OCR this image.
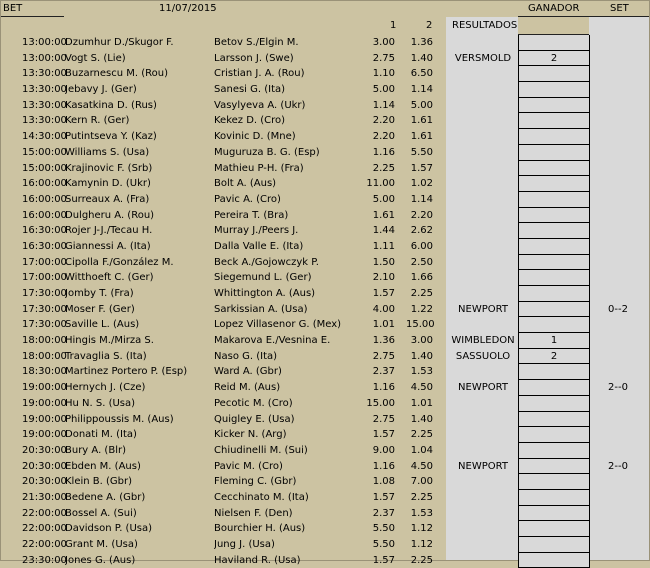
BET	11/07/2015	GANADOR	SET
1	2 RESULTADOS
13:00:00
Dzumhur D./Skugor F.	Betov S./Elgin M.	3.00	1.36
13:00:00
Vogt S. (Lie)	Larsson J. (Swe)	2.75	1.40	VERSMOLD	2
13:30:00
Buzarnescu M. (Rou)	Cristian J. A. (Rou)	1.10	6.50
13:30:00
Jebavy J. (Ger)	Sanesi G. (Ita)	5.00	1.14
13:30:00
Kasatkina D. (Rus)	Vasylyeva A. (Ukr)	1.14	5.00
13:30:00
Kern R. (Ger)	Kekez D. (Cro)	2.20	1.61
14:30:00
Putintseva Y. (Kaz)	Kovinic D. (Mne)	2.20	1.61
15:00:00
Williams S. (Usa)	Muguruza B. G. (Esp)	1.16	5.50
15:00:00
Krajinovic F. (Srb)	Mathieu P-H. (Fra)	2.25	1.57
16:00:00
Kamynin D. (Ukr)	Bolt A. (Aus)	11.00	1.02
16:00:00
Surreaux A. (Fra)	Pavic A. (Cro)	5.00	1.14
16:00:00
Dulgheru A. (Rou)	Pereira T. (Bra)	1.61	2.20
16:30:00
Rojer J-J./Tecau H.	Murray J./Peers J.	1.44	2.62
16:30:00
Giannessi A. (Ita)	Dalla Valle E. (Ita)	1.11	6.00
17:00:00
Cipolla F./González M.	Beck A./Gojowczyk P.	1.50	2.50
17:00:00
Witthoeft C. (Ger)	Siegemund L. (Ger)	2.10	1.66
17:30:00
Jomby T. (Fra)	Whittington A. (Aus)	1.57	2.25
17:30:00
Moser F. (Ger)	Sarkissian A. (Usa)	4.00	1.22	NEWPORT	0--2
17:30:00
Saville L. (Aus)	Lopez Villasenor G. (Mex)	1.01 15.00
18:00:00
Hingis M./Mirza S.	Makarova E./Vesnina E.	1.36	3.00 WIMBLEDON	1
18:00:00
Travaglia S. (Ita)	Naso G. (Ita)	2.75	1.40	SASSUOLO	2
18:30:00
Martinez Portero P. (Esp)	Ward A. (Gbr)	2.37	1.53
19:00:00
Hernych J. (Cze)	Reid M. (Aus)	1.16	4.50	NEWPORT	2--0
19:00:00
Hu N. S. (Usa)	Pecotic M. (Cro)	15.00	1.01
19:00:00
Philippoussis M. (Aus)	Quigley E. (Usa)	2.75	1.40
19:00:00
Donati M. (Ita)	Kicker N. (Arg)	1.57	2.25
20:30:00
Bury A. (Blr)	Chiudinelli M. (Sui)	9.00	1.04
20:30:00
Ebden M. (Aus)	Pavic M. (Cro)	1.16	4.50	NEWPORT	2--0
20:30:00
Klein B. (Gbr)	Fleming C. (Gbr)	1.08	7.00
21:30:00
Bedene A. (Gbr)	Cecchinato M. (Ita)	1.57	2.25
22:00:00
Bossel A. (Sui)	Nielsen F. (Den)	2.37	1.53
22:00:00
Davidson P. (Usa)	Bourchier H. (Aus)	5.50	1.12
22:00:00
Grant M. (Usa)	Jung J. (Usa)	5.50	1.12
23:30:00
Jones G. (Aus)	Haviland R. (Usa)	1.57	2.25
